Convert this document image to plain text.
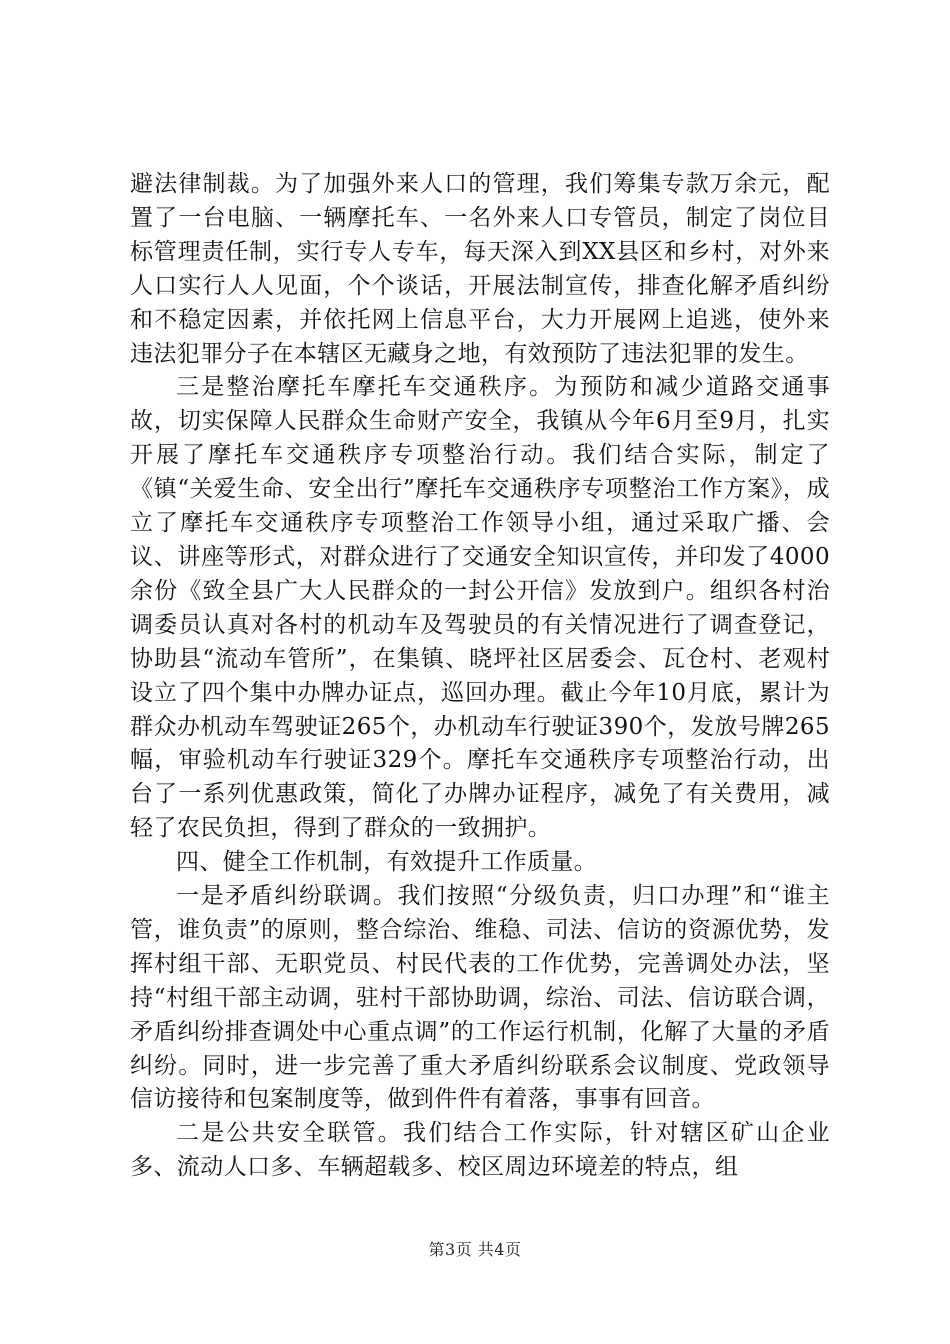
避法律制裁。为了加强外来人口的管理，我们筹集专款万余元，配置了一台电脑、一辆摩托车、一名外来人口专管员，制定了岗位目标管理责任制，实行专人专车，每天深入到XX县区和乡村，对外来人口实行人人见面，个个谈话，开展法制宣传，排查化解矛盾纠纷和不稳定因素，并依托网上信息平台，大力开展网上追逃，使外来违法犯罪分子在本辖区无藏身之地，有效预防了违法犯罪的发生。

三是整治摩托车摩托车交通秩序。为预防和减少道路交通事故，切实保障人民群众生命财产安全，我镇从今年6月至9月，扎实开展了摩托车交通秩序专项整治行动。我们结合实际，制定了《镇“关爱生命、安全出行”摩托车交通秩序专项整治工作方案》，成立了摩托车交通秩序专项整治工作领导小组，通过采取广播、会议、讲座等形式，对群众进行了交通安全知识宣传，并印发了4000余份《致全县广大人民群众的一封公开信》发放到户。组织各村治调委员认真对各村的机动车及驾驶员的有关情况进行了调查登记，协助县“流动车管所”，在集镇、晓坪社区居委会、瓦仓村、老观村设立了四个集中办牌办证点，巡回办理。截止今年10月底，累计为群众办机动车驾驶证265个，办机动车行驶证390个，发放号牌265幅，审验机动车行驶证329个。摩托车交通秩序专项整治行动，出台了一系列优惠政策，简化了办牌办证程序，减免了有关费用，减轻了农民负担，得到了群众的一致拥护。

四、健全工作机制，有效提升工作质量。

一是矛盾纠纷联调。我们按照“分级负责，归口办理”和“谁主管，谁负责”的原则，整合综治、维稳、司法、信访的资源优势，发挥村组干部、无职党员、村民代表的工作优势，完善调处办法，坚持“村组干部主动调，驻村干部协助调，综治、司法、信访联合调，矛盾纠纷排查调处中心重点调”的工作运行机制，化解了大量的矛盾纠纷。同时，进一步完善了重大矛盾纠纷联系会议制度、党政领导信访接待和包案制度等，做到件件有着落，事事有回音。

二是公共安全联管。我们结合工作实际，针对辖区矿山企业多、流动人口多、车辆超载多、校区周边环境差的特点，组

第3页 共4页
